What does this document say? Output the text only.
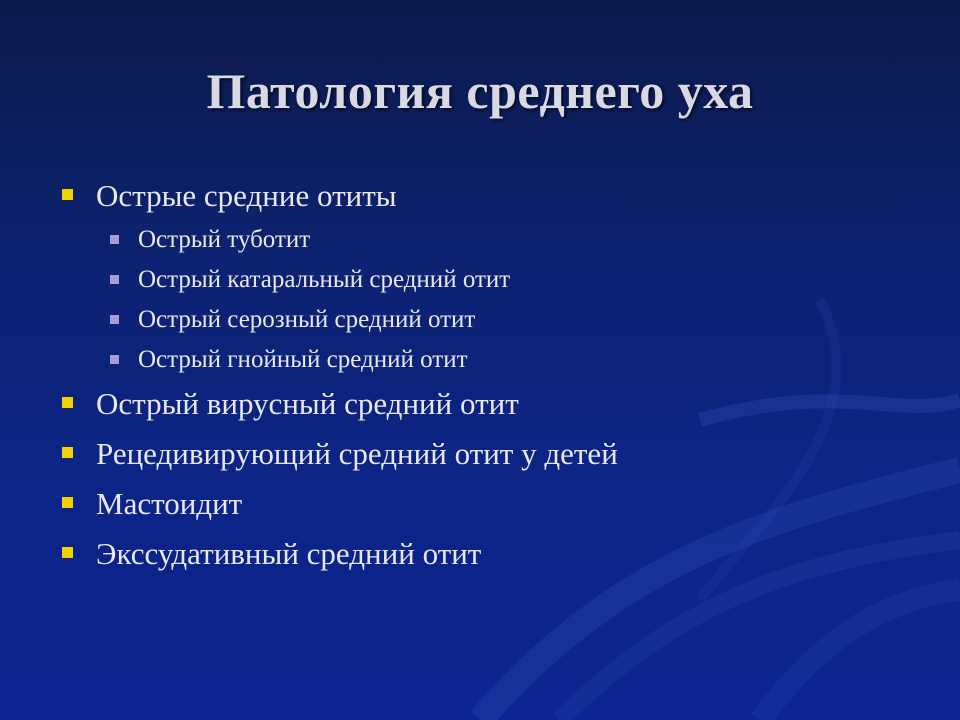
Патология среднего уха
Острые средние отиты
Острый туботит
Острый катаральный средний отит
Острый серозный средний отит
Острый гнойный средний отит
Острый вирусный средний отит
Рецедивирующий средний отит у детей
Мастоидит
Экссудативный средний отит
